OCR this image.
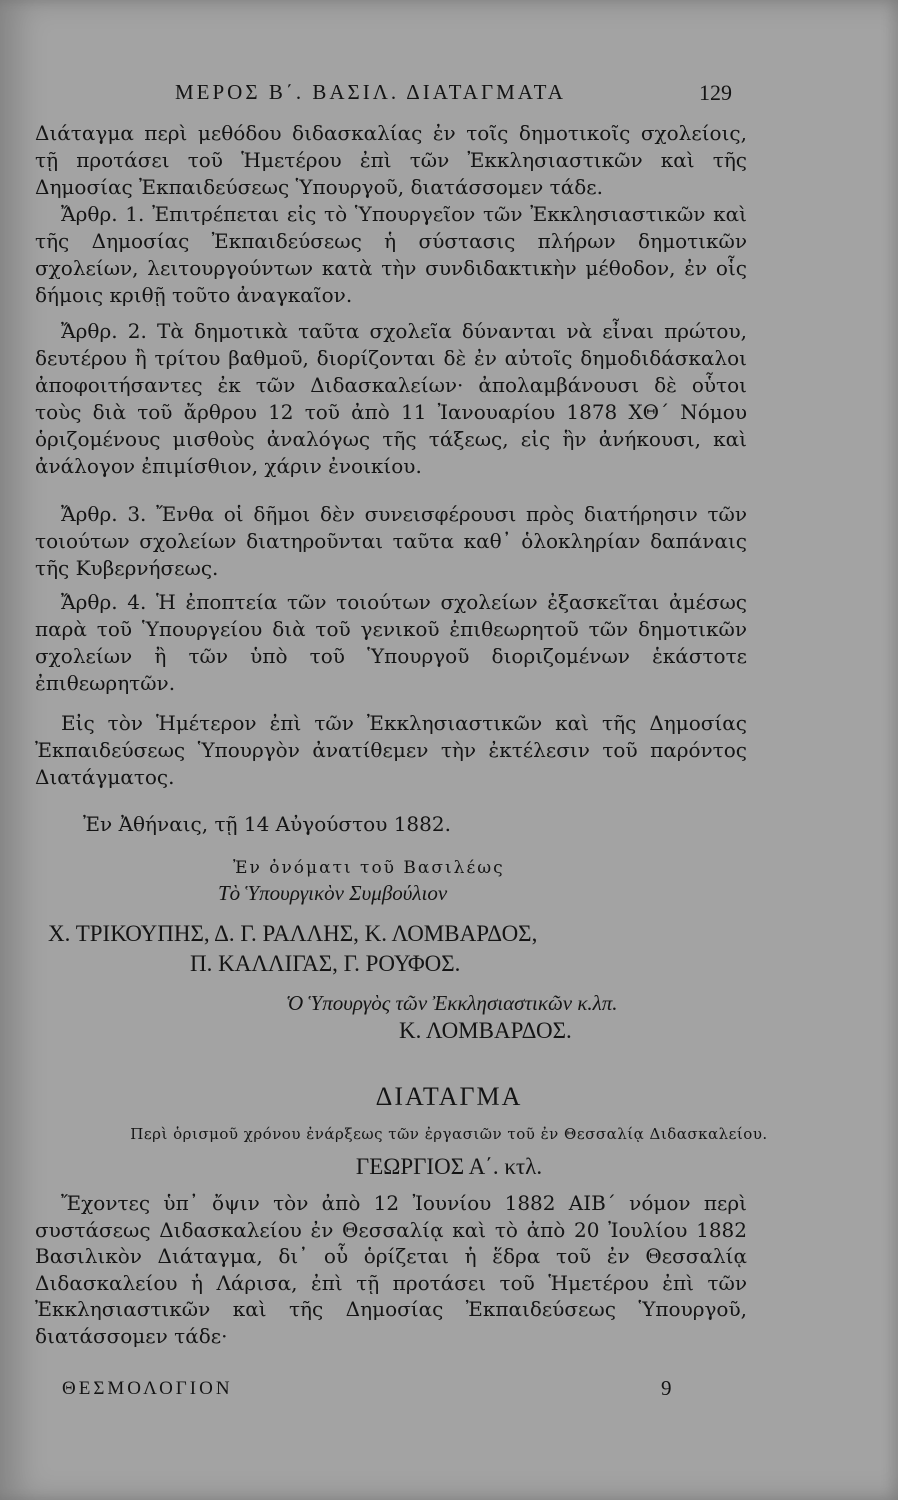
ΜΕΡΟΣ Β΄. ΒΑΣΙΛ. ΔΙΑΤΑΓΜΑΤΑ	129

Διάταγμα περὶ μεθόδου διδασκαλίας ἐν τοῖς δημοτικοῖς σχολείοις, τῇ προτάσει τοῦ Ἡμετέρου ἐπὶ τῶν Ἐκκλησιαστικῶν καὶ τῆς Δημοσίας Ἐκπαιδεύσεως Ὑπουργοῦ, διατάσσομεν τάδε.

Ἄρθρ. 1. Ἐπιτρέπεται εἰς τὸ Ὑπουργεῖον τῶν Ἐκκλησιαστικῶν καὶ τῆς Δημοσίας Ἐκπαιδεύσεως ἡ σύστασις πλήρων δημοτικῶν σχολείων, λειτουργούντων κατὰ τὴν συνδιδακτικὴν μέθοδον, ἐν οἷς δήμοις κριθῇ τοῦτο ἀναγκαῖον.

Ἄρθρ. 2. Τὰ δημοτικὰ ταῦτα σχολεῖα δύνανται νὰ εἶναι πρώτου, δευτέρου ἢ τρίτου βαθμοῦ, διορίζονται δὲ ἐν αὐτοῖς δημοδιδάσκαλοι ἀποφοιτήσαντες ἐκ τῶν Διδασκαλείων· ἀπολαμβάνουσι δὲ οὗτοι τοὺς διὰ τοῦ ἄρθρου 12 τοῦ ἀπὸ 11 Ἰανουαρίου 1878 ΧΘ΄ Νόμου ὁριζομένους μισθοὺς ἀναλόγως τῆς τάξεως, εἰς ἣν ἀνήκουσι, καὶ ἀνάλογον ἐπιμίσθιον, χάριν ἐνοικίου.

Ἄρθρ. 3. Ἔνθα οἱ δῆμοι δὲν συνεισφέρουσι πρὸς διατήρησιν τῶν τοιούτων σχολείων διατηροῦνται ταῦτα καθ᾽ ὁλοκληρίαν δαπάναις τῆς Κυβερνήσεως.

Ἄρθρ. 4. Ἡ ἐποπτεία τῶν τοιούτων σχολείων ἐξασκεῖται ἀμέσως παρὰ τοῦ Ὑπουργείου διὰ τοῦ γενικοῦ ἐπιθεωρητοῦ τῶν δημοτικῶν σχολείων ἢ τῶν ὑπὸ τοῦ Ὑπουργοῦ διοριζομένων ἑκάστοτε ἐπιθεωρητῶν.

Εἰς τὸν Ἡμέτερον ἐπὶ τῶν Ἐκκλησιαστικῶν καὶ τῆς Δημοσίας Ἐκπαιδεύσεως Ὑπουργὸν ἀνατίθεμεν τὴν ἐκτέλεσιν τοῦ παρόντος Διατάγματος.

Ἐν Ἀθήναις, τῇ 14 Αὐγούστου 1882.

Ἐν ὀνόματι τοῦ Βασιλέως

Τὸ Ὑπουργικὸν Συμβούλιον

Χ. ΤΡΙΚΟΥΠΗΣ, Δ. Γ. ΡΑΛΛΗΣ, Κ. ΛΟΜΒΑΡΔΟΣ,

Π. ΚΑΛΛΙΓΑΣ, Γ. ΡΟΥΦΟΣ.

Ὁ Ὑπουργὸς τῶν Ἐκκλησιαστικῶν κ.λπ.

Κ. ΛΟΜΒΑΡΔΟΣ.

ΔΙΑΤΑΓΜΑ

Περὶ ὁρισμοῦ χρόνου ἐνάρξεως τῶν ἐργασιῶν τοῦ ἐν Θεσσαλίᾳ Διδασκαλείου.

ΓΕΩΡΓΙΟΣ Α΄. κτλ.

Ἔχοντες ὑπ᾽ ὄψιν τὸν ἀπὸ 12 Ἰουνίου 1882 ΑΙΒ΄ νόμον περὶ συστάσεως Διδασκαλείου ἐν Θεσσαλίᾳ καὶ τὸ ἀπὸ 20 Ἰουλίου 1882 Βασιλικὸν Διάταγμα, δι᾽ οὗ ὁρίζεται ἡ ἕδρα τοῦ ἐν Θεσσαλίᾳ Διδασκαλείου ἡ Λάρισα, ἐπὶ τῇ προτάσει τοῦ Ἡμετέρου ἐπὶ τῶν Ἐκκλησιαστικῶν καὶ τῆς Δημοσίας Ἐκπαιδεύσεως Ὑπουργοῦ, διατάσσομεν τάδε·

ΘΕΣΜΟΛΟΓΙΟΝ	9
